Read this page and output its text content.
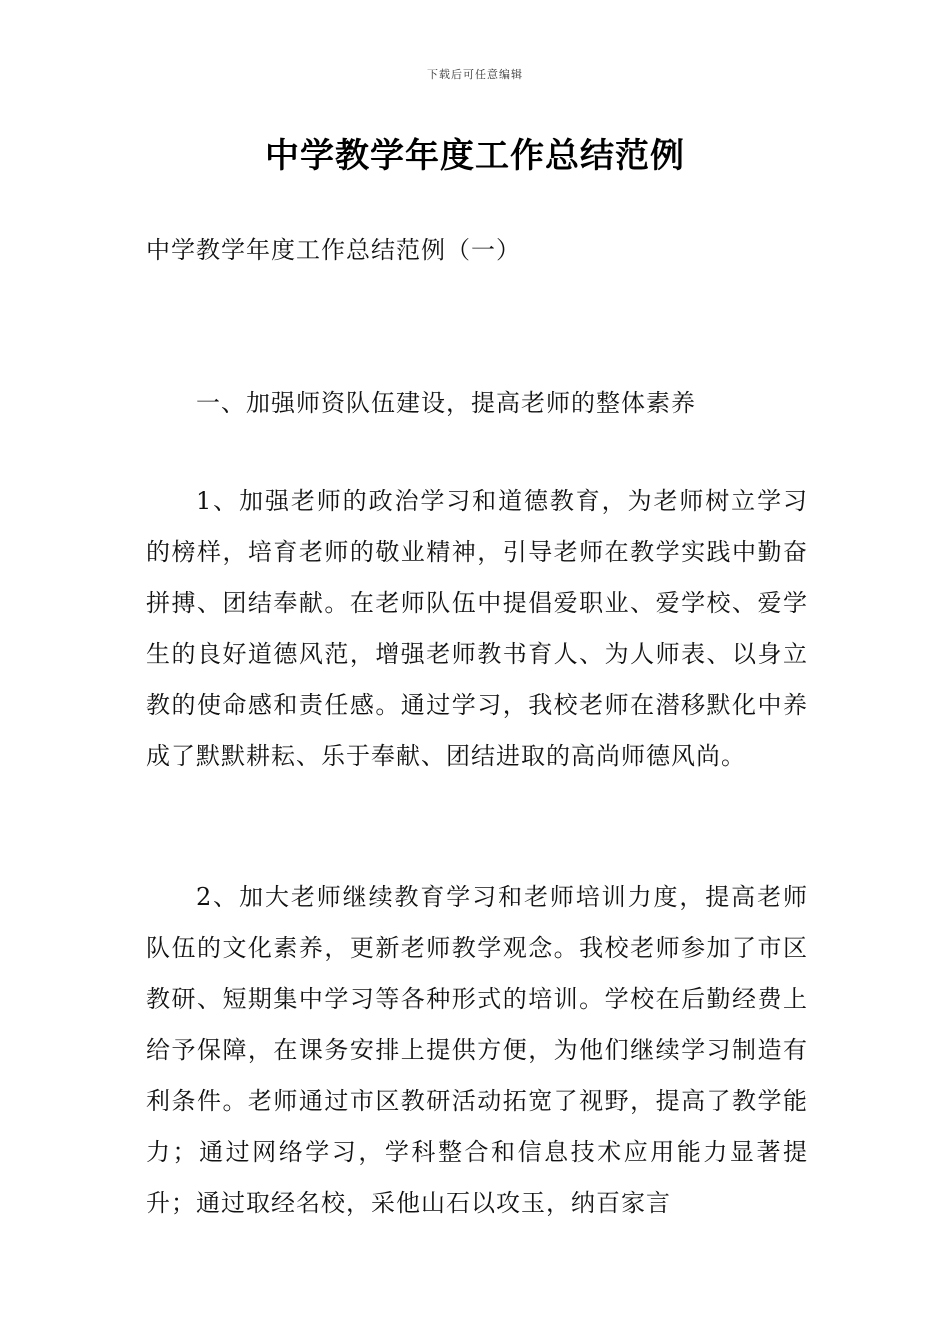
下载后可任意编辑
中学教学年度工作总结范例
中学教学年度工作总结范例（一）
一、加强师资队伍建设，提高老师的整体素养

1、加强老师的政治学习和道德教育，为老师树立学习的榜样，培育老师的敬业精神，引导老师在教学实践中勤奋拼搏、团结奉献。在老师队伍中提倡爱职业、爱学校、爱学生的良好道德风范，增强老师教书育人、为人师表、以身立教的使命感和责任感。通过学习，我校老师在潜移默化中养成了默默耕耘、乐于奉献、团结进取的高尚师德风尚。

2、加大老师继续教育学习和老师培训力度，提高老师队伍的文化素养，更新老师教学观念。我校老师参加了市区教研、短期集中学习等各种形式的培训。学校在后勤经费上给予保障，在课务安排上提供方便，为他们继续学习制造有利条件。老师通过市区教研活动拓宽了视野，提高了教学能力；通过网络学习，学科整合和信息技术应用能力显著提升；通过取经名校，采他山石以攻玉，纳百家言
